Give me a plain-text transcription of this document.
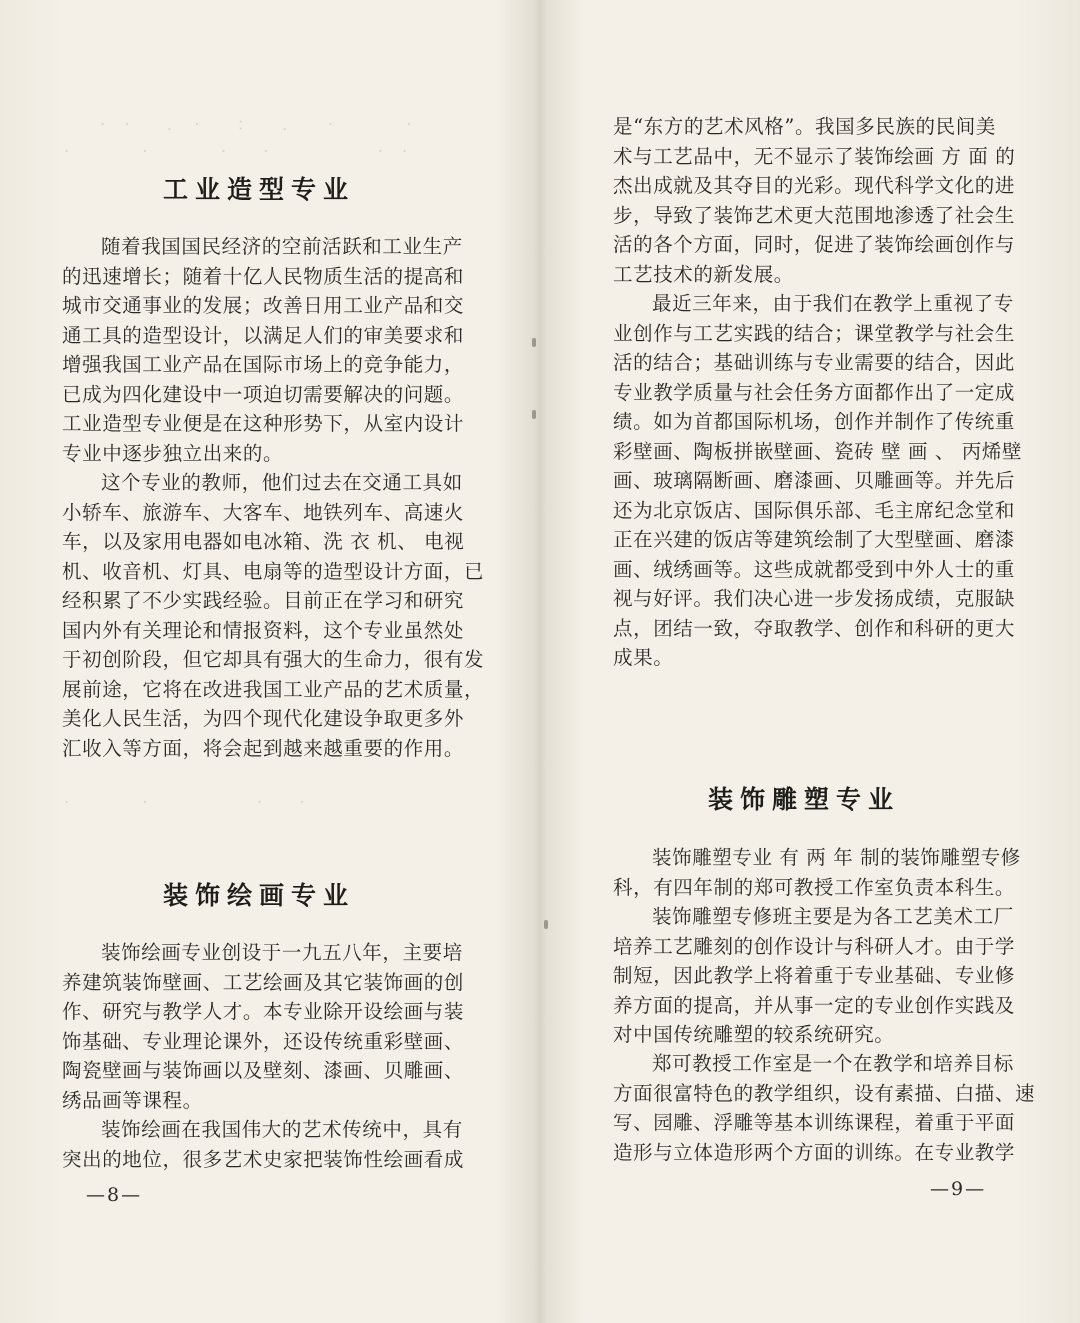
　　·　·　　．　·　　：　　．　　·　　　　·
·　　　　·　　　　·　　·　　　　　　·　·
工业造型专业
随着我国国民经济的空前活跃和工业生产
的迅速增长；随着十亿人民物质生活的提高和
城市交通事业的发展；改善日用工业产品和交
通工具的造型设计，以满足人们的审美要求和
增强我国工业产品在国际市场上的竞争能力，
已成为四化建设中一项迫切需要解决的问题。
工业造型专业便是在这种形势下，从室内设计
专业中逐步独立出来的。
这个专业的教师，他们过去在交通工具如
小轿车、旅游车、大客车、地铁列车、高速火
车，以及家用电器如电冰箱、洗 衣 机、 电视
机、收音机、灯具、电扇等的造型设计方面，已
经积累了不少实践经验。目前正在学习和研究
国内外有关理论和情报资料，这个专业虽然处
于初创阶段，但它却具有强大的生命力，很有发
展前途，它将在改进我国工业产品的艺术质量，
美化人民生活，为四个现代化建设争取更多外
汇收入等方面，将会起到越来越重要的作用。
·　　　　·　　　　　　·　　·
装饰绘画专业
装饰绘画专业创设于一九五八年，主要培
养建筑装饰壁画、工艺绘画及其它装饰画的创
作、研究与教学人才。本专业除开设绘画与装
饰基础、专业理论课外，还设传统重彩壁画、
陶瓷壁画与装饰画以及壁刻、漆画、贝雕画、
绣品画等课程。
装饰绘画在我国伟大的艺术传统中，具有
突出的地位，很多艺术史家把装饰性绘画看成
—8—
是“东方的艺术风格”。我国多民族的民间美
术与工艺品中，无不显示了装饰绘画 方 面 的
杰出成就及其夺目的光彩。现代科学文化的进
步，导致了装饰艺术更大范围地渗透了社会生
活的各个方面，同时，促进了装饰绘画创作与
工艺技术的新发展。
最近三年来，由于我们在教学上重视了专
业创作与工艺实践的结合；课堂教学与社会生
活的结合；基础训练与专业需要的结合，因此
专业教学质量与社会任务方面都作出了一定成
绩。如为首都国际机场，创作并制作了传统重
彩壁画、陶板拼嵌壁画、瓷砖 壁 画 、 丙烯壁
画、玻璃隔断画、磨漆画、贝雕画等。并先后
还为北京饭店、国际俱乐部、毛主席纪念堂和
正在兴建的饭店等建筑绘制了大型壁画、磨漆
画、绒绣画等。这些成就都受到中外人士的重
视与好评。我们决心进一步发扬成绩，克服缺
点，团结一致，夺取教学、创作和科研的更大
成果。
装饰雕塑专业
装饰雕塑专业 有 两 年 制的装饰雕塑专修
科，有四年制的郑可教授工作室负责本科生。
装饰雕塑专修班主要是为各工艺美术工厂
培养工艺雕刻的创作设计与科研人才。由于学
制短，因此教学上将着重于专业基础、专业修
养方面的提高，并从事一定的专业创作实践及
对中国传统雕塑的较系统研究。
郑可教授工作室是一个在教学和培养目标
方面很富特色的教学组织，设有素描、白描、速
写、园雕、浮雕等基本训练课程，着重于平面
造形与立体造形两个方面的训练。在专业教学
—9—
